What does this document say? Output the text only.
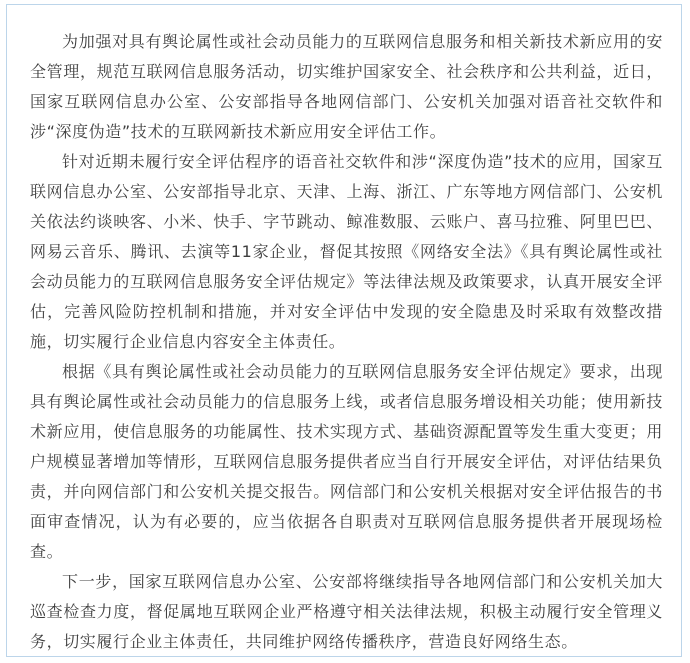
为加强对具有舆论属性或社会动员能力的互联网信息服务和相关新技术新应用的安全管理，规范互联网信息服务活动，切实维护国家安全、社会秩序和公共利益，近日，国家互联网信息办公室、公安部指导各地网信部门、公安机关加强对语音社交软件和涉“深度伪造”技术的互联网新技术新应用安全评估工作。

针对近期未履行安全评估程序的语音社交软件和涉“深度伪造”技术的应用，国家互联网信息办公室、公安部指导北京、天津、上海、浙江、广东等地方网信部门、公安机关依法约谈映客、小米、快手、字节跳动、鲸准数服、云账户、喜马拉雅、阿里巴巴、网易云音乐、腾讯、去演等11家企业，督促其按照《网络安全法》《具有舆论属性或社会动员能力的互联网信息服务安全评估规定》等法律法规及政策要求，认真开展安全评估，完善风险防控机制和措施，并对安全评估中发现的安全隐患及时采取有效整改措施，切实履行企业信息内容安全主体责任。

根据《具有舆论属性或社会动员能力的互联网信息服务安全评估规定》要求，出现具有舆论属性或社会动员能力的信息服务上线，或者信息服务增设相关功能；使用新技术新应用，使信息服务的功能属性、技术实现方式、基础资源配置等发生重大变更；用户规模显著增加等情形，互联网信息服务提供者应当自行开展安全评估，对评估结果负责，并向网信部门和公安机关提交报告。网信部门和公安机关根据对安全评估报告的书面审查情况，认为有必要的，应当依据各自职责对互联网信息服务提供者开展现场检查。

下一步，国家互联网信息办公室、公安部将继续指导各地网信部门和公安机关加大巡查检查力度，督促属地互联网企业严格遵守相关法律法规，积极主动履行安全管理义务，切实履行企业主体责任，共同维护网络传播秩序，营造良好网络生态。
